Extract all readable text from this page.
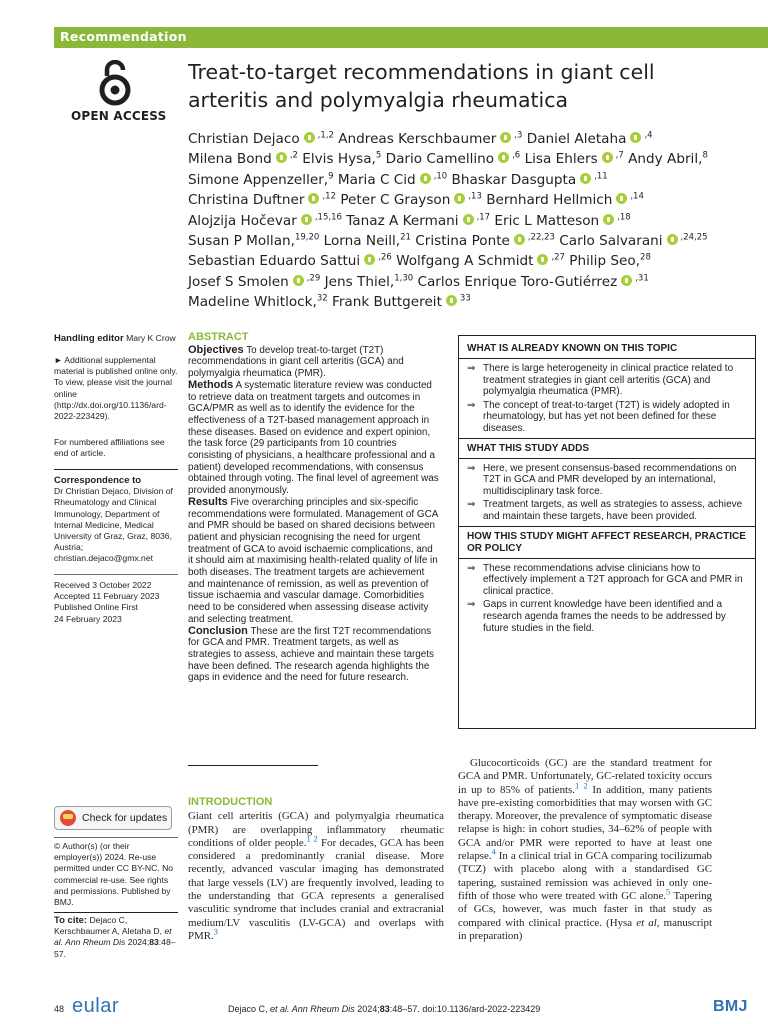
Recommendation
OPEN ACCESS
Treat-to-target recommendations in giant cell arteritis and polymyalgia rheumatica
Christian Dejaco $^{,1,2}$ Andreas Kerschbaumer $^{,3}$ Daniel Aletaha $^{,4}$
Milena Bond $^{,2}$ Elvis Hysa,$^5$ Dario Camellino $^{,6}$ Lisa Ehlers $^{,7}$ Andy Abril,$^8$
Simone Appenzeller,$^9$ Maria C Cid $^{,10}$ Bhaskar Dasgupta $^{,11}$
Christina Duftner $^{,12}$ Peter C Grayson $^{,13}$ Bernhard Hellmich $^{,14}$
Alojzija Hočevar $^{,15,16}$ Tanaz A Kermani $^{,17}$ Eric L Matteson $^{,18}$
Susan P Mollan,$^{19,20}$ Lorna Neill,$^{21}$ Cristina Ponte $^{,22,23}$ Carlo Salvarani $^{,24,25}$
Sebastian Eduardo Sattui $^{,26}$ Wolfgang A Schmidt $^{,27}$ Philip Seo,$^{28}$
Josef S Smolen $^{,29}$ Jens Thiel,$^{1,30}$ Carlos Enrique Toro-Gutiérrez $^{,31}$
Madeline Whitlock,$^{32}$ Frank Buttgereit $^{33}$
Handling editor Mary K Crow
► Additional supplemental material is published online only. To view, please visit the journal online (http://dx.doi.org/10.1136/ard-2022-223429).
For numbered affiliations see end of article.
Correspondence to
Dr Christian Dejaco, Division of Rheumatology and Clinical Immunology, Department of Internal Medicine, Medical University of Graz, Graz, 8036, Austria; christian.dejaco@gmx.net
Received 3 October 2022
Accepted 11 February 2023
Published Online First
24 February 2023
Check for updates
© Author(s) (or their employer(s)) 2024. Re-use permitted under CC BY-NC. No commercial re-use. See rights and permissions. Published by BMJ.
To cite: Dejaco C, Kerschbaumer A, Aletaha D, et al. Ann Rheum Dis 2024;83:48–57.
ABSTRACT
Objectives To develop treat-to-target (T2T) recommendations in giant cell arteritis (GCA) and polymyalgia rheumatica (PMR).
Methods A systematic literature review was conducted to retrieve data on treatment targets and outcomes in GCA/PMR as well as to identify the evidence for the effectiveness of a T2T-based management approach in these diseases. Based on evidence and expert opinion, the task force (29 participants from 10 countries consisting of physicians, a healthcare professional and a patient) developed recommendations, with consensus obtained through voting. The final level of agreement was provided anonymously.
Results Five overarching principles and six-specific recommendations were formulated. Management of GCA and PMR should be based on shared decisions between patient and physician recognising the need for urgent treatment of GCA to avoid ischaemic complications, and it should aim at maximising health-related quality of life in both diseases. The treatment targets are achievement and maintenance of remission, as well as prevention of tissue ischaemia and vascular damage. Comorbidities need to be considered when assessing disease activity and selecting treatment.
Conclusion These are the first T2T recommendations for GCA and PMR. Treatment targets, as well as strategies to assess, achieve and maintain these targets have been defined. The research agenda highlights the gaps in evidence and the need for future research.
WHAT IS ALREADY KNOWN ON THIS TOPIC
⇒ There is large heterogeneity in clinical practice related to treatment strategies in giant cell arteritis (GCA) and polymyalgia rheumatica (PMR).
⇒ The concept of treat-to-target (T2T) is widely adopted in rheumatology, but has yet not been defined for these diseases.
WHAT THIS STUDY ADDS
⇒ Here, we present consensus-based recommendations on T2T in GCA and PMR developed by an international, multidisciplinary task force.
⇒ Treatment targets, as well as strategies to assess, achieve and maintain these targets, have been provided.
HOW THIS STUDY MIGHT AFFECT RESEARCH, PRACTICE OR POLICY
⇒ These recommendations advise clinicians how to effectively implement a T2T approach for GCA and PMR in clinical practice.
⇒ Gaps in current knowledge have been identified and a research agenda frames the needs to be addressed by future studies in the field.
INTRODUCTION

Giant cell arteritis (GCA) and polymyalgia rheumatica (PMR) are overlapping inflammatory rheumatic conditions of older people.$^{1 2}$ For decades, GCA has been considered a predominantly cranial disease. More recently, advanced vascular imaging has demonstrated that large vessels (LV) are frequently involved, leading to the understanding that GCA represents a generalised vasculitic syndrome that includes cranial and extracranial medium/LV vasculitis (LV-GCA) and overlaps with PMR.$^3$

Glucocorticoids (GC) are the standard treatment for GCA and PMR. Unfortunately, GC-related toxicity occurs in up to 85% of patients.$^{1 2}$ In addition, many patients have pre-existing comorbidities that may worsen with GC therapy. Moreover, the prevalence of symptomatic disease relapse is high: in cohort studies, 34–62% of people with GCA and/or PMR were reported to have at least one relapse.$^4$ In a clinical trial in GCA comparing tocilizumab (TCZ) with placebo along with a standardised GC tapering, sustained remission was achieved in only one-fifth of those who were treated with GC alone.$^5$ Tapering of GCs, however, was much faster in that study as compared with clinical practice. (Hysa et al, manuscript in preparation)

48 eular	Dejaco C, et al. Ann Rheum Dis 2024;83:48–57. doi:10.1136/ard-2022-223429	BMJ
